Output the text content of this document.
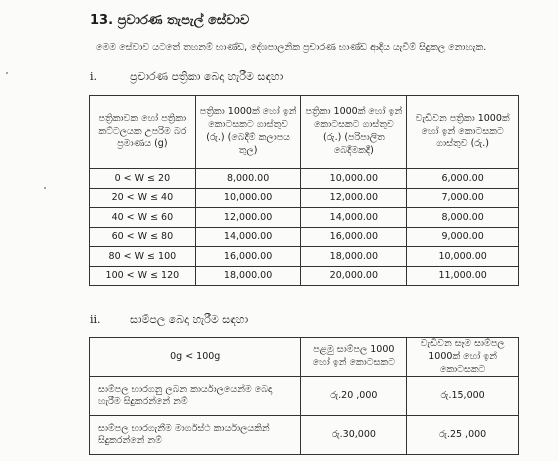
13. ප්‍රවාරණ තැපැල් සේවාව
මෙම සේවාව යටතේ තහනම් භාණ්ඩ, දේශපාලනික ප්‍රචාරණ භාණ්ඩ ආදිය යැවීම් සිදුකල නොහැක.
i.	ප්‍රචාරණ පත්‍රිකා බෙදා හැරීම සඳහා
පත්‍රිකාවක හෝ පත්‍රිකා කට්ටලයක උපරිම බර ප්‍රමාණය (g)	පත්‍රිකා 1000ක් හෝ ඉන් කොටසකට ගාස්තුව (රු.) (බෙදීම් කලාපය තුල)	පත්‍රිකා 1000ක් හෝ ඉන් කොටසකට ගාස්තුව (රු.) (පරිපාලිත බෙදීමකදී)	වැඩිවන පත්‍රිකා 1000ක් හෝ ඉන් කොටසකට ගාස්තුව (රු.)
0 < W ≤ 20	8,000.00	10,000.00	6,000.00
20 < W ≤ 40	10,000.00	12,000.00	7,000.00
40 < W ≤ 60	12,000.00	14,000.00	8,000.00
60 < W ≤ 80	14,000.00	16,000.00	9,000.00
80 < W ≤ 100	16,000.00	18,000.00	10,000.00
100 < W ≤ 120	18,000.00	20,000.00	11,000.00
ii.	සාම්පල බෙදා හැරීම සඳහා
0g < 100g	පළමු සාම්පල 1000 හෝ ඉන් කොටසකට	වැඩිවන සෑම සාම්පල 1000ක් හෝ ඉන් කොටසකට
සාම්පල භාරගනු ලබන කාර්යාලයෙන්ම බෙදා හැරීම සිදුකරන්නේ නම්	රු.20 ,000	රු.15,000
සාම්පල භාරගැනීම මාර්ගස්ථ කාර්යාලයකින් සිදුකරන්නේ නම්	රු.30,000	රු.25 ,000
